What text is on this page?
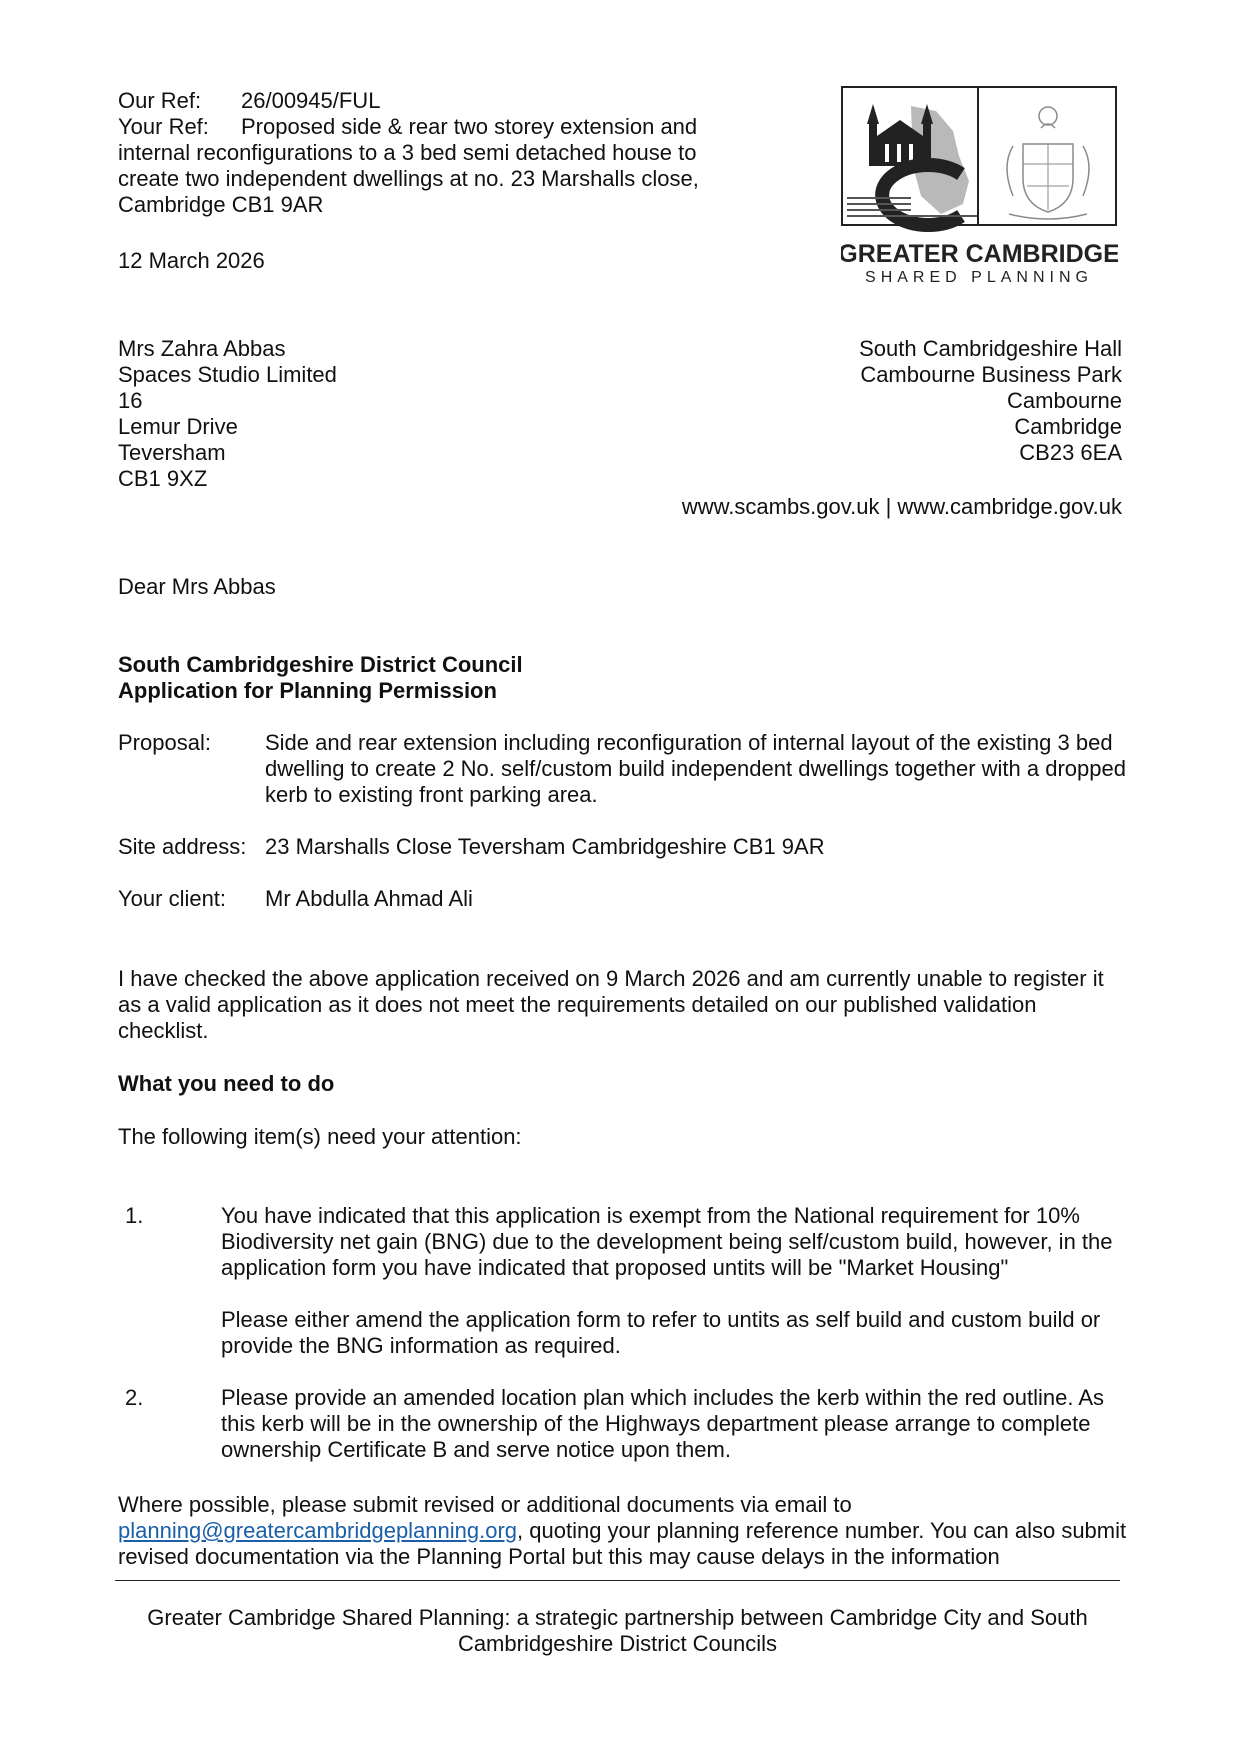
Our Ref: 26/00945/FUL
Your Ref: Proposed side & rear two storey extension and
internal reconfigurations to a 3 bed semi detached house to
create two independent dwellings at no. 23 Marshalls close,
Cambridge CB1 9AR
12 March 2026	GREATER CAMBRIDGE
SHARED PLANNING
Mrs Zahra Abbas
Spaces Studio Limited
16
Lemur Drive
Teversham
CB1 9XZ
South Cambridgeshire Hall
Cambourne Business Park
Cambourne
Cambridge
CB23 6EA
www.scambs.gov.uk | www.cambridge.gov.uk
Dear Mrs Abbas
South Cambridgeshire District Council
Application for Planning Permission
Proposal: Side and rear extension including reconfiguration of internal layout of the existing 3 bed dwelling to create 2 No. self/custom build independent dwellings together with a dropped kerb to existing front parking area.
Site address: 23 Marshalls Close Teversham Cambridgeshire CB1 9AR
Your client: Mr Abdulla Ahmad Ali
I have checked the above application received on 9 March 2026 and am currently unable to register it as a valid application as it does not meet the requirements detailed on our published validation checklist.
What you need to do
The following item(s) need your attention:
1.	You have indicated that this application is exempt from the National requirement for 10% Biodiversity net gain (BNG) due to the development being self/custom build, however, in the application form you have indicated that proposed untits will be "Market Housing"

Please either amend the application form to refer to untits as self build and custom build or provide the BNG information as required.

2.	Please provide an amended location plan which includes the kerb within the red outline. As this kerb will be in the ownership of the Highways department please arrange to complete ownership Certificate B and serve notice upon them.

Where possible, please submit revised or additional documents via email to
planning@greatercambridgeplanning.org, quoting your planning reference number. You can also submit revised documentation via the Planning Portal but this may cause delays in the information
Greater Cambridge Shared Planning: a strategic partnership between Cambridge City and South Cambridgeshire District Councils
